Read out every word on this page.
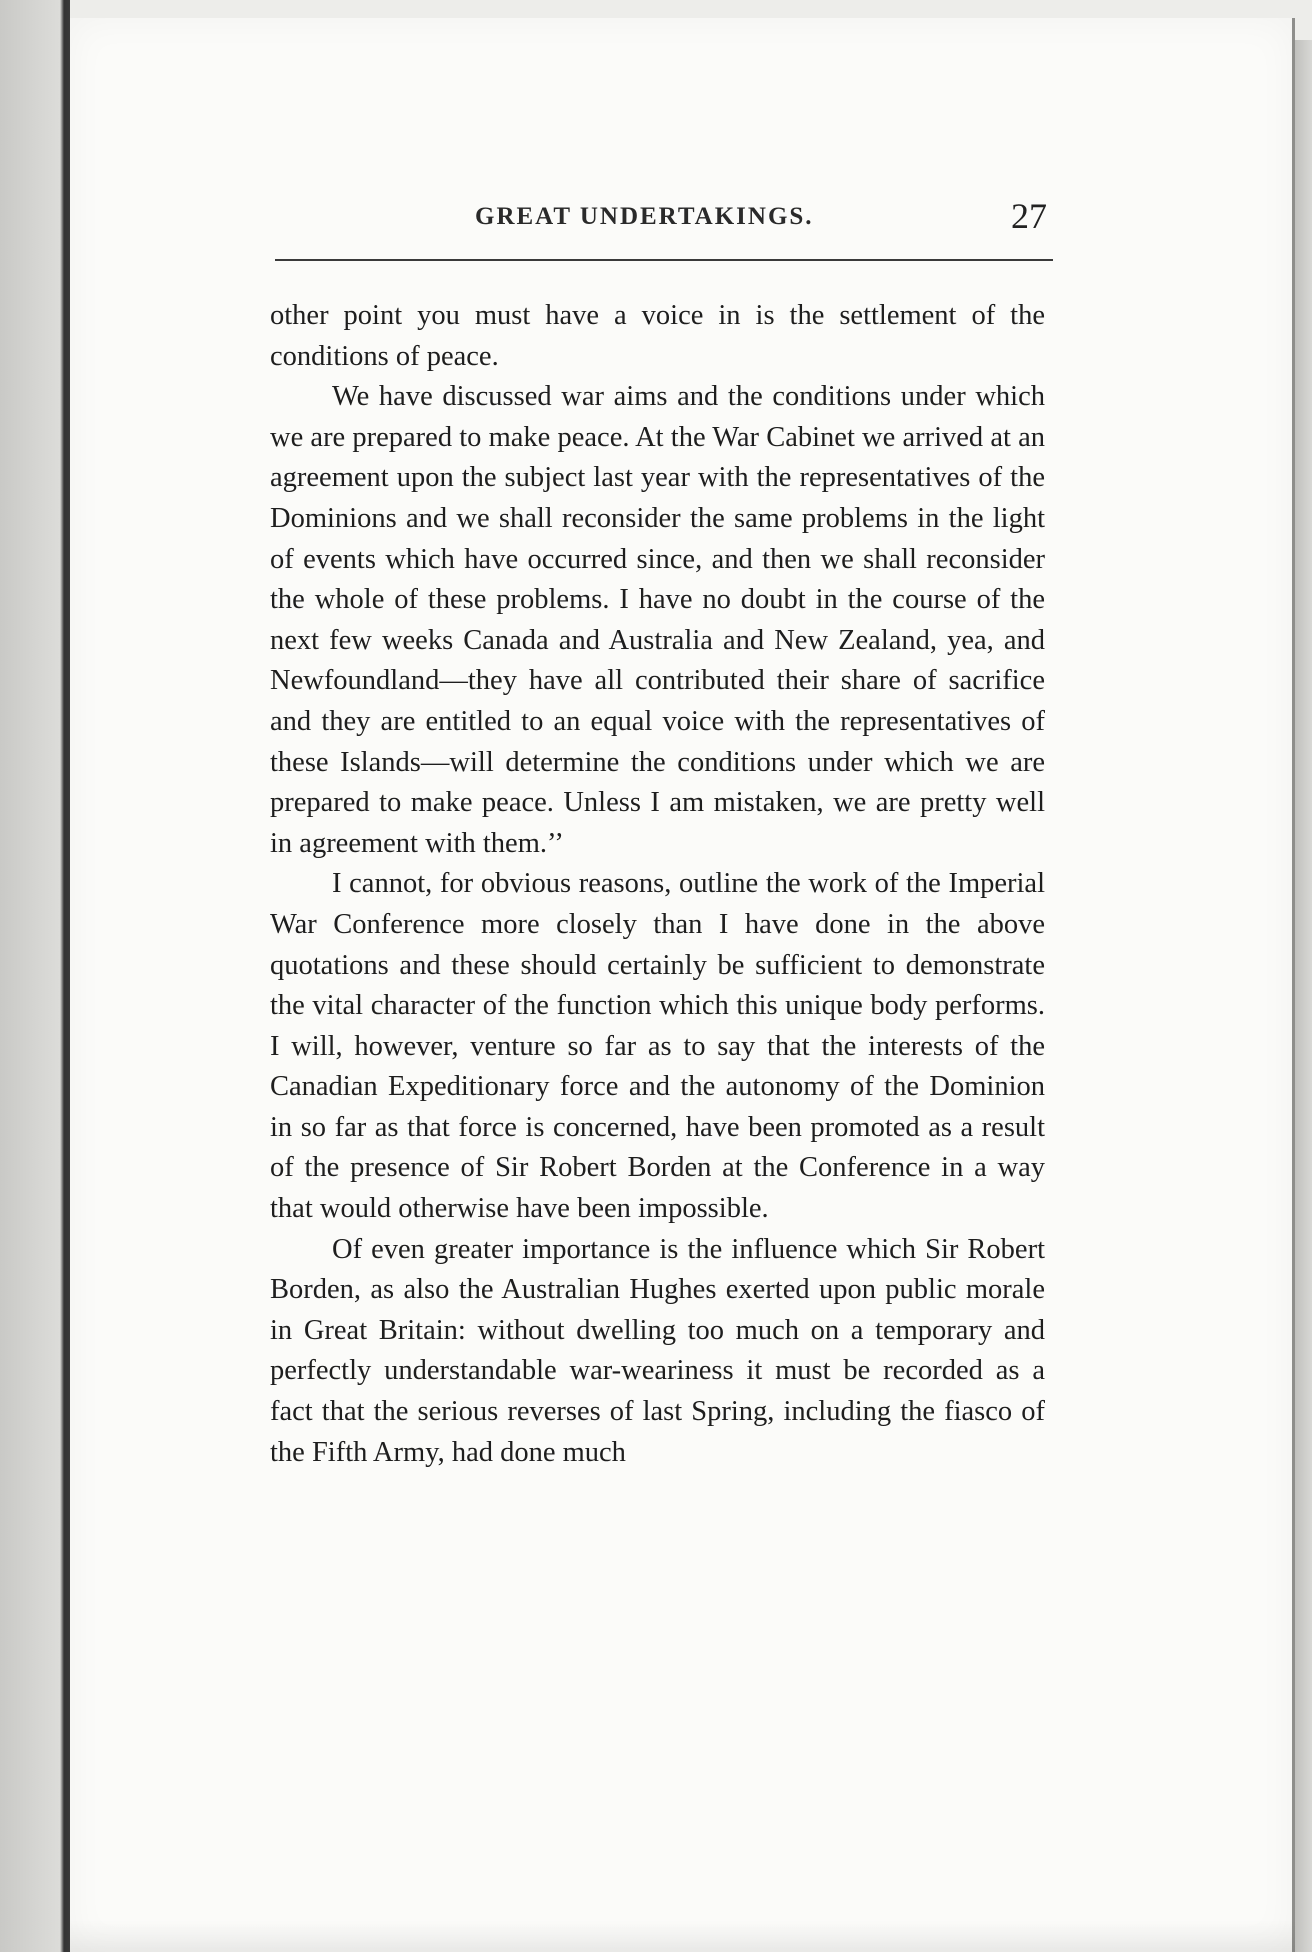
GREAT UNDERTAKINGS.	27

other point you must have a voice in is the settlement of the conditions of peace.

We have discussed war aims and the conditions under which we are prepared to make peace. At the War Cabinet we arrived at an agreement upon the subject last year with the representatives of the Dominions and we shall reconsider the same problems in the light of events which have occurred since, and then we shall reconsider the whole of these problems. I have no doubt in the course of the next few weeks Canada and Australia and New Zealand, yea, and Newfoundland—they have all contributed their share of sacrifice and they are entitled to an equal voice with the representatives of these Islands—will determine the conditions under which we are prepared to make peace. Unless I am mistaken, we are pretty well in agreement with them.’’

I cannot, for obvious reasons, outline the work of the Imperial War Conference more closely than I have done in the above quotations and these should certainly be sufficient to demonstrate the vital character of the function which this unique body performs. I will, however, venture so far as to say that the interests of the Canadian Expeditionary force and the autonomy of the Dominion in so far as that force is concerned, have been promoted as a result of the presence of Sir Robert Borden at the Conference in a way that would otherwise have been impossible.

Of even greater importance is the influence which Sir Robert Borden, as also the Australian Hughes exerted upon public morale in Great Britain: without dwelling too much on a temporary and perfectly understandable war-weariness it must be recorded as a fact that the serious reverses of last Spring, including the fiasco of the Fifth Army, had done much
